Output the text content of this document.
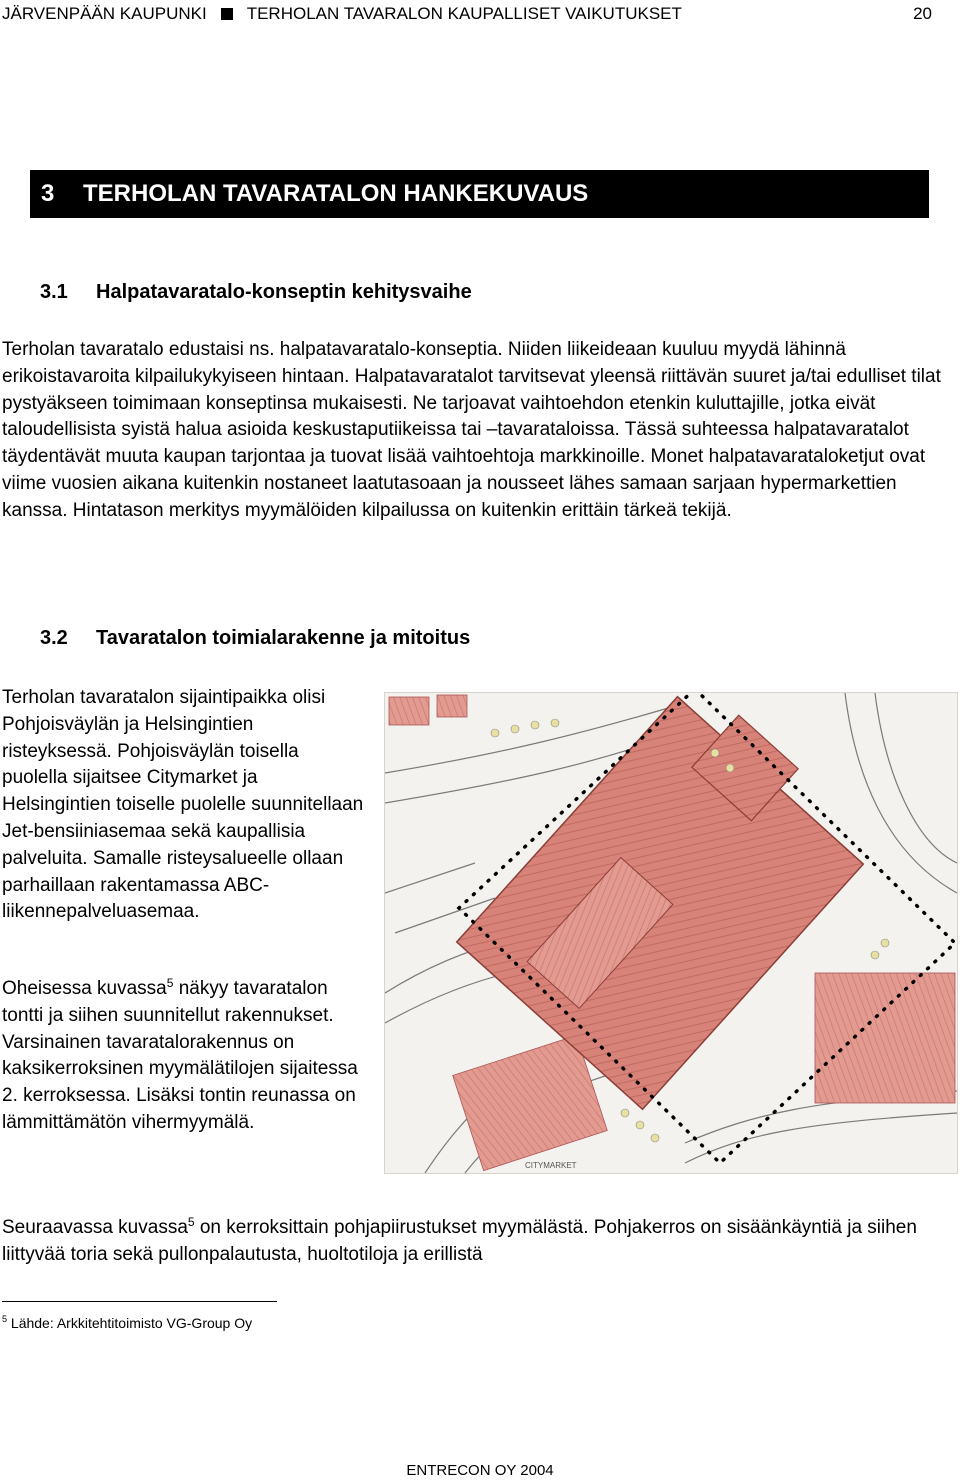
JÄRVENPÄÄN KAUPUNKI TERHOLAN TAVARALON KAUPALLISET VAIKUTUKSET	20
3	TERHOLAN TAVARATALON HANKEKUVAUS
3.1	Halpatavaratalo-konseptin kehitysvaihe

Terholan tavaratalo edustaisi ns. halpatavaratalo-konseptia. Niiden liikeideaan kuuluu myydä lähinnä erikoistavaroita kilpailukykyiseen hintaan. Halpatavaratalot tarvitsevat yleensä riittävän suuret ja/tai edulliset tilat pystyäkseen toimimaan konseptinsa mukaisesti. Ne tarjoavat vaihtoehdon etenkin kuluttajille, jotka eivät taloudellisista syistä halua asioida keskustaputiikeissa tai –tavarataloissa. Tässä suhteessa halpatavaratalot täydentävät muuta kaupan tarjontaa ja tuovat lisää vaihtoehtoja markkinoille. Monet halpatavarataloketjut ovat viime vuosien aikana kuitenkin nostaneet laatutasoaan ja nousseet lähes samaan sarjaan hypermarkettien kanssa. Hintatason merkitys myymälöiden kilpailussa on kuitenkin erittäin tärkeä tekijä.

3.2	Tavaratalon toimialarakenne ja mitoitus

Terholan tavaratalon sijaintipaikka olisi Pohjoisväylän ja Helsingintien risteyksessä. Pohjoisväylän toisella puolella sijaitsee Citymarket ja Helsingintien toiselle puolelle suunnitellaan Jet-bensiiniasemaa sekä kaupallisia palveluita. Samalle risteysalueelle ollaan parhaillaan rakentamassa ABC-liikennepalveluasemaa.

Oheisessa kuvassa$^5$ näkyy tavaratalon tontti ja siihen suunnitellut rakennukset. Varsinainen tavaratalorakennus on kaksikerroksinen myymälätilojen sijaitessa 2. kerroksessa. Lisäksi tontin reunassa on lämmittämätön vihermyymälä.

CITYMARKET

Seuraavassa kuvassa$^5$ on kerroksittain pohjapiirustukset myymälästä. Pohjakerros on sisäänkäyntiä ja siihen liittyvää toria sekä pullonpalautusta, huoltotiloja ja erillistä

$^5$ Lähde: Arkkitehtitoimisto VG-Group Oy
ENTRECON OY 2004
